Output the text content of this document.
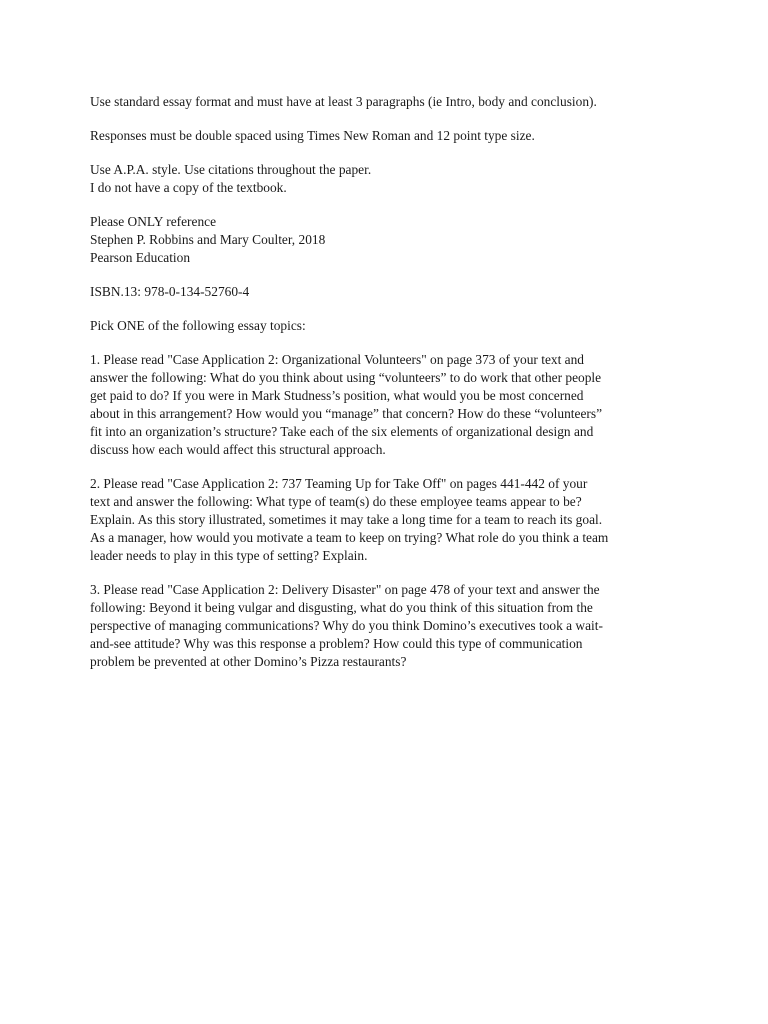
Use standard essay format and must have at least 3 paragraphs (ie Intro, body and conclusion).

Responses must be double spaced using Times New Roman and 12 point type size.

Use A.P.A. style. Use citations throughout the paper.
I do not have a copy of the textbook.

Please ONLY reference
Stephen P. Robbins and Mary Coulter, 2018
Pearson Education

ISBN.13: 978-0-134-52760-4

Pick ONE of the following essay topics:

1. Please read "Case Application 2: Organizational Volunteers" on page 373 of your text and
answer the following: What do you think about using “volunteers” to do work that other people
get paid to do? If you were in Mark Studness’s position, what would you be most concerned
about in this arrangement? How would you “manage” that concern? How do these “volunteers”
fit into an organization’s structure? Take each of the six elements of organizational design and
discuss how each would affect this structural approach.

2. Please read "Case Application 2: 737 Teaming Up for Take Off" on pages 441-442 of your
text and answer the following: What type of team(s) do these employee teams appear to be?
Explain. As this story illustrated, sometimes it may take a long time for a team to reach its goal.
As a manager, how would you motivate a team to keep on trying? What role do you think a team
leader needs to play in this type of setting? Explain.

3. Please read "Case Application 2: Delivery Disaster" on page 478 of your text and answer the
following: Beyond it being vulgar and disgusting, what do you think of this situation from the
perspective of managing communications? Why do you think Domino’s executives took a wait-
and-see attitude? Why was this response a problem? How could this type of communication
problem be prevented at other Domino’s Pizza restaurants?
